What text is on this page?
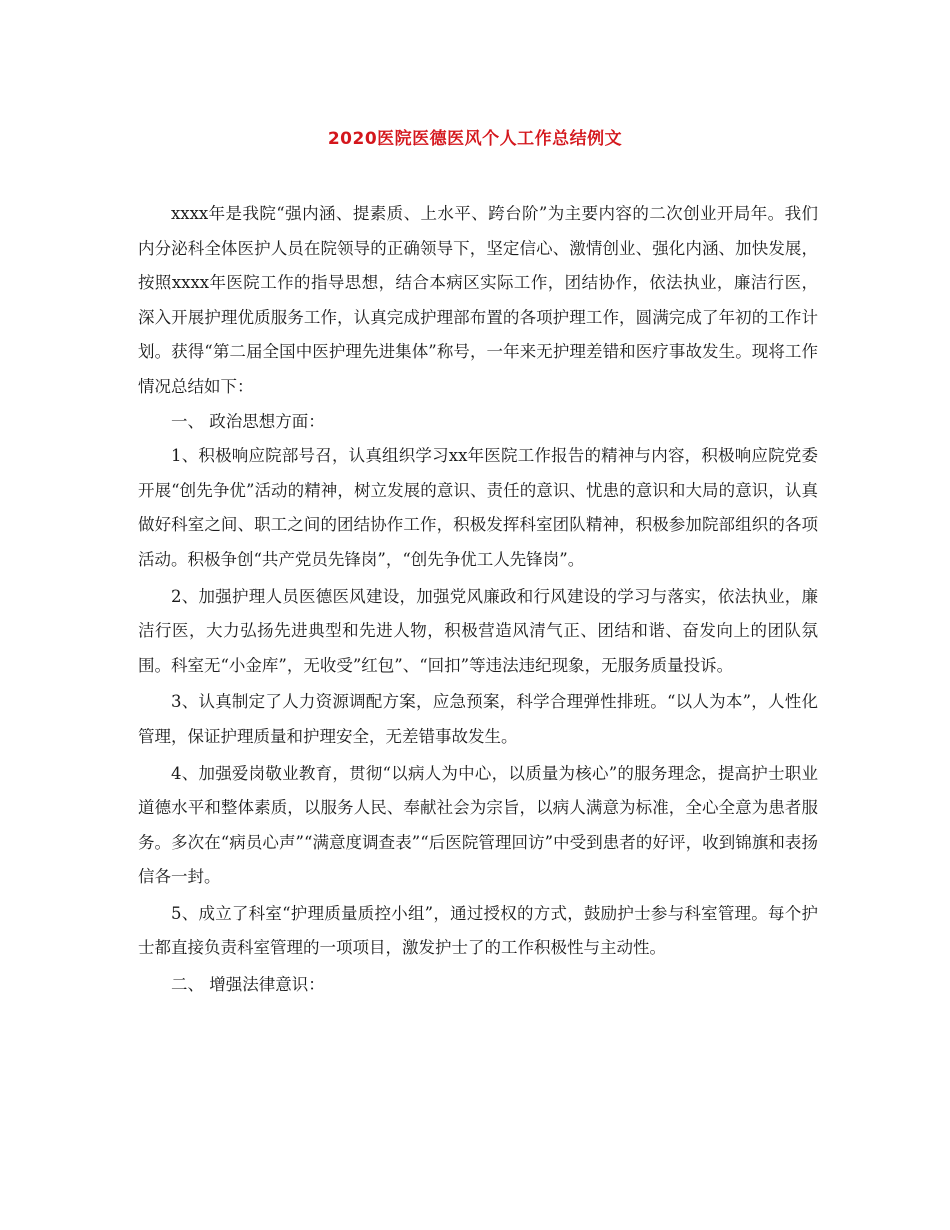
2020医院医德医风个人工作总结例文

xxxx年是我院“强内涵、提素质、上水平、跨台阶”为主要内容的二次创业开局年。我们内分泌科全体医护人员在院领导的正确领导下，坚定信心、激情创业、强化内涵、加快发展，按照xxxx年医院工作的指导思想，结合本病区实际工作，团结协作，依法执业，廉洁行医，深入开展护理优质服务工作，认真完成护理部布置的各项护理工作，圆满完成了年初的工作计划。获得“第二届全国中医护理先进集体”称号，一年来无护理差错和医疗事故发生。现将工作情况总结如下：

一、 政治思想方面：

1、积极响应院部号召，认真组织学习xx年医院工作报告的精神与内容，积极响应院党委开展“创先争优”活动的精神，树立发展的意识、责任的意识、忧患的意识和大局的意识，认真做好科室之间、职工之间的团结协作工作，积极发挥科室团队精神，积极参加院部组织的各项活动。积极争创“共产党员先锋岗”，“创先争优工人先锋岗”。

2、加强护理人员医德医风建设，加强党风廉政和行风建设的学习与落实，依法执业，廉洁行医，大力弘扬先进典型和先进人物，积极营造风清气正、团结和谐、奋发向上的团队氛围。科室无“小金库”，无收受”红包”、“回扣”等违法违纪现象，无服务质量投诉。

3、认真制定了人力资源调配方案，应急预案，科学合理弹性排班。“以人为本”，人性化管理，保证护理质量和护理安全，无差错事故发生。

4、加强爱岗敬业教育，贯彻“以病人为中心，以质量为核心”的服务理念，提高护士职业道德水平和整体素质，以服务人民、奉献社会为宗旨，以病人满意为标准，全心全意为患者服务。多次在“病员心声”“满意度调查表”“后医院管理回访”中受到患者的好评，收到锦旗和表扬信各一封。

5、成立了科室“护理质量质控小组”，通过授权的方式，鼓励护士参与科室管理。每个护士都直接负责科室管理的一项项目，激发护士了的工作积极性与主动性。

二、 增强法律意识：
